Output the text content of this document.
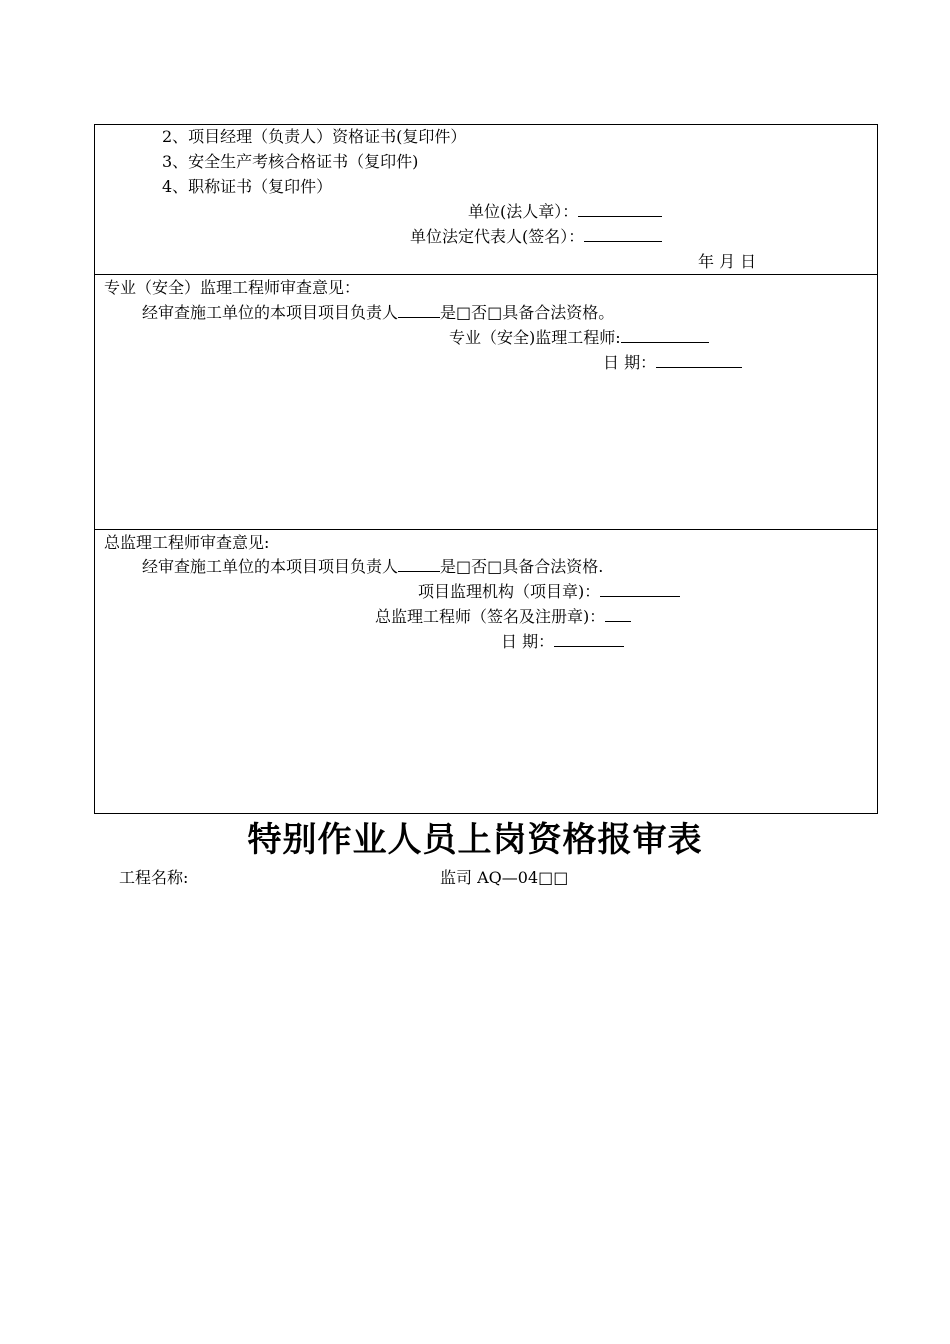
2、项目经理（负责人）资格证书(复印件）
3、安全生产考核合格证书（复印件)
4、职称证书（复印件）
单位(法人章）：
单位法定代表人(签名）：
年 月 日
专业（安全）监理工程师审查意见：
经审查施工单位的本项目项目负责人	是□否□具备合法资格。
专业（安全)监理工程师:
日 期：
总监理工程师审查意见:
经审查施工单位的本项目项目负责人	是□否□具备合法资格.
项目监理机构（项目章)：
总监理工程师（签名及注册章)：
日 期：
特别作业人员上岗资格报审表
工程名称:	监司 AQ—04□□
